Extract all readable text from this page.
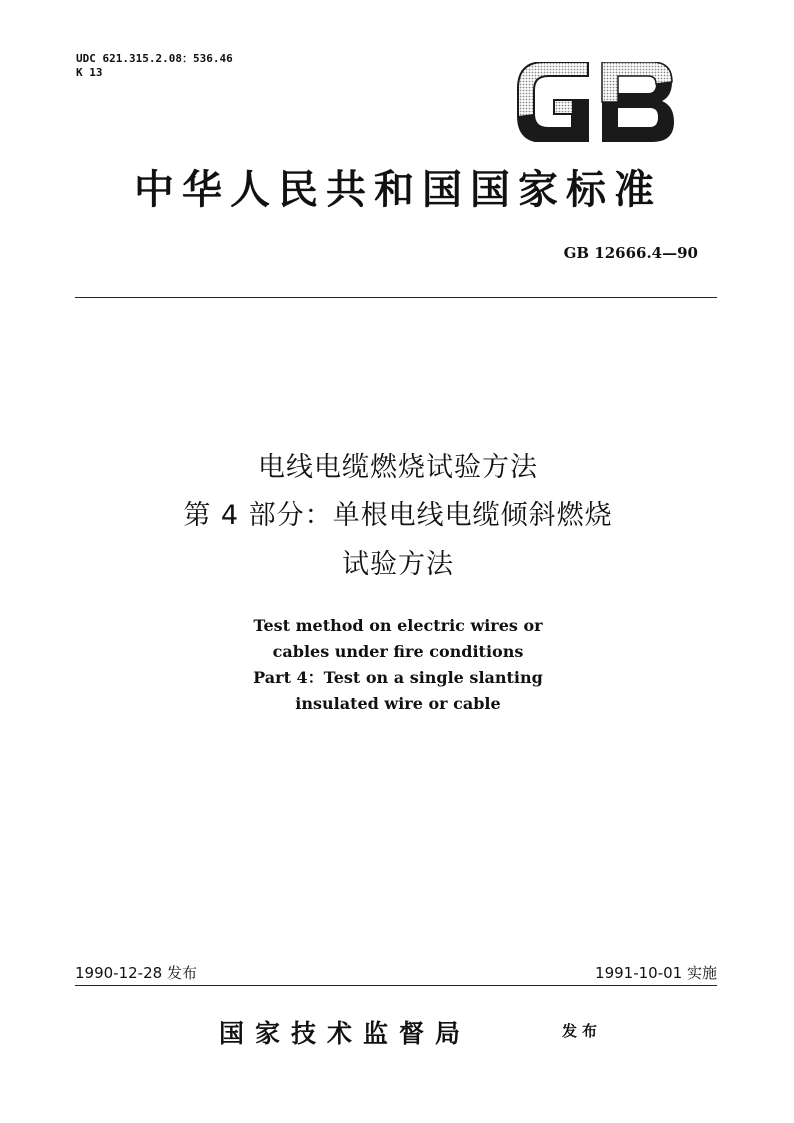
UDC 621.315.2.08：536.46
K 13
中华人民共和国国家标准
GB 12666.4—90
电线电缆燃烧试验方法
第 4 部分：单根电线电缆倾斜燃烧
试验方法
Test method on electric wires or
cables under fire conditions
Part 4：Test on a single slanting
insulated wire or cable
1990-12-28 发布	1991-10-01 实施
国家技术监督局	发布
